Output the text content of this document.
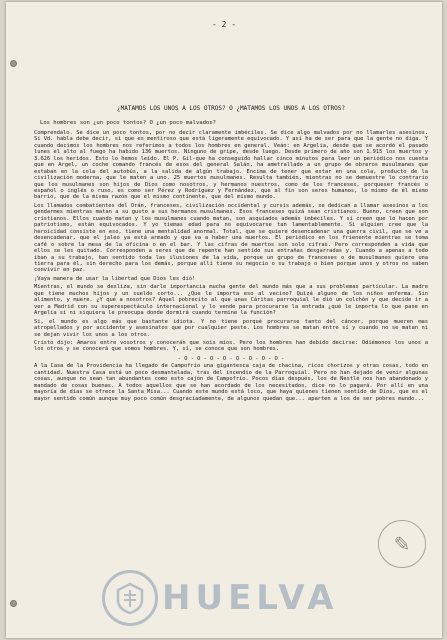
- 2 -
¿MATAMOS LOS UNOS A LOS OTROS? O ¿MATAMOS LOS UNOS A LOS OTROS?
Los hombres son ¿un poco tontos? O ¿un poco malvados?

Comprendalo. Se dice un poco tontos, por no decir claramente imbéciles. Se dice algo malvados por no llamarles asesinos. Si Vd. habla debe decir, si que es mentiroso que está ligeramente equivocado. Y así ha de ser para que la gente no diga. Y cuando decimos los hombres nos referimos a todos los hombres en general. Veán: en Argelia, desde que se acordó el pasado lunes el alto al fuego ha habido 136 muertos. Ninguno de gripe, desde luego. Desde primero de año son 1.915 los muertos y 3.626 los heridos. Esto lo hemos leído. El P. Gil-que ha conseguido hallar cinco minutos para leer un periódico nos cuenta que en Argel, un coche comando francés de esos del general Salán, ha ametrallado a un grupo de obreros musulmanes que estaban en la cola del autobús, a la salida de algún trabajo. Encima de tener que estar en una cola, producto de la civilización moderna, que le maten a uno. 25 muertos musulmanes. Resulta también, mientras no se demuestre lo contrario que los musulmanes son hijos de Dios como nosotros, y hermanos nuestros, como de los franceses, porqueser francés o español o inglés o ruso, es como ser Pérez y Rodríguez y Fernández, que al fin son seres humanos, lo mismo de él mismo barrio, que de la misma razón que el mismo continente, que del mismo mundo.

Los llamados combatientes del Orán, franceses, civilización occidental y cursis además, se dedican a llamar asesinos a los gendarmes mientras matan a su gusto a sus hermanos musulmanes. Esos franceses quizá sean cristianos. Bueno, creen que son cristianos. Ellos cuando matan y los musulmanes cuando matan, son asquiados además imbéciles. Y si creen que lo hacen por patriotismo, están equivocados. Y yo tiemas edad para no equivocarse tan lamentablemente. Si alguien cree que la heroicidad consiste en eso, tiene una mentalidad anormal. Total, que se quiere desencadenar una guerra civil, que se ve a desencadenar, que el jaleo ya está armado y que va a haber una muertos. El periódico en los frienente mientras se toma café o sobre la mesa de la oficina o en el bar. Y las cifras de muertos son solo cifras. Pero corresponden a vida que ellos se les quitado. Corresponden a seres que de repente han sentido sus entrañas desgarradas y. Cuando a apenas a todo iban a su trabajo, han sentido toda las ilusiones de la vida, porque un grupo de franceses o de musulmanes quiere una tierra para él, sin derecho para los demás, porque allí tiene su negocio o su trabajo o bien porque unos y otros no saben convivir en paz.

¡Vaya manera de usar la libertad que Dios les dió!

Mientras, el mundo se desliza, sin darle importancia mucha gente del mundo más que a sus problemas particular. La madre que tiene muchos hijos y un sueldo corto... ¿Que le importa eso al vecino? Quizá alguno de los niños enferma. Sin alimento, y muere. ¿Y qué a nosotros? Aquel pobrecito al que unas Cáritas parroquial le dió un colchón y que decide ir a ver a Madrid con su superespectáculo internacional y lo vende para procurarse la entrada ¿qué le importa lo que pase en Argelia si ni siquiera le preocupa donde dormirá cuando termine la función?

Si, el mundo es algo más que bastante idiota. Y no tiene porqué procurarse tanto del cáncer, porque mueren mas atropellados y por accidente y asesinatos que por cualquier peste. Los hombres se matan entre sí y cuando no se matan ni se dejan vivir los unos a los otros.

Cristo dijo: Amaros entre vosotros y conocerán que sois mios. Pero los hombres han debido decirse: Odiémonos los unos a los otros y se conocerá que somos hombres. Y, sí, se conoce que son hombres.

- O - O - O - O - O - O - O - O -

A la Casa de la Providencia ha llegado de Campofrío una gigantesca caja de chacina, ricos chorizos y otras cosas, todo en cantidad. Nuestra Casa está un poco desmantelada, tras del incendio de la Parroquial. Pero no han dejado de venir algunas cosas, aunque no sean tan abundantes como esto cajón de Campofrío. Pocos días después, los de Nestlé nos han abandonado y mandado de cosas buenas. A todos aquellos que se han acordado de los necesitados, dice no lo pagará. Por allí en una mayoría de días se ofrece la Santa Misa... Cuando este mundo está loco, que haya quienes tienen sentido de Dios, que es el mayor sentido común aunque muy poco común desgraciadamente, de algunos quedan que... aparten a los de ser pobres mundo...

✎
HUELVA
